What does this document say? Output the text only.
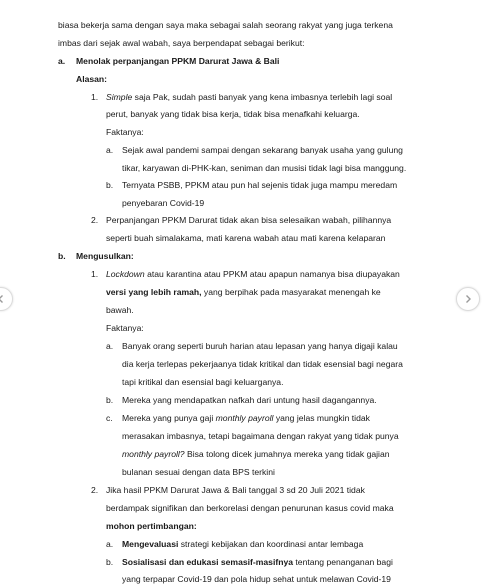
biasa bekerja sama dengan saya maka sebagai salah seorang rakyat yang juga terkena
imbas dari sejak awal wabah, saya berpendapat sebagai berikut:
a. Menolak perpanjangan PPKM Darurat Jawa & Bali
Alasan:
1. Simple saja Pak, sudah pasti banyak yang kena imbasnya terlebih lagi soal
perut, banyak yang tidak bisa kerja, tidak bisa menafkahi keluarga.
Faktanya:
a. Sejak awal pandemi sampai dengan sekarang banyak usaha yang gulung
tikar, karyawan di-PHK-kan, seniman dan musisi tidak lagi bisa manggung.
b. Ternyata PSBB, PPKM atau pun hal sejenis tidak juga mampu meredam
penyebaran Covid-19
2. Perpanjangan PPKM Darurat tidak akan bisa selesaikan wabah, pilihannya
seperti buah simalakama, mati karena wabah atau mati karena kelaparan
b. Mengusulkan:
1. Lockdown atau karantina atau PPKM atau apapun namanya bisa diupayakan
versi yang lebih ramah, yang berpihak pada masyarakat menengah ke
bawah.
Faktanya:
a. Banyak orang seperti buruh harian atau lepasan yang hanya digaji kalau
dia kerja terlepas pekerjaanya tidak kritikal dan tidak esensial bagi negara
tapi kritikal dan esensial bagi keluarganya.
b. Mereka yang mendapatkan nafkah dari untung hasil dagangannya.
c. Mereka yang punya gaji monthly payroll yang jelas mungkin tidak
merasakan imbasnya, tetapi bagaimana dengan rakyat yang tidak punya
monthly payroll? Bisa tolong dicek jumahnya mereka yang tidak gajian
bulanan sesuai dengan data BPS terkini
2. Jika hasil PPKM Darurat Jawa & Bali tanggal 3 sd 20 Juli 2021 tidak
berdampak signifikan dan berkorelasi dengan penurunan kasus covid maka
mohon pertimbangan:
a. Mengevaluasi strategi kebijakan dan koordinasi antar lembaga
b. Sosialisasi dan edukasi semasif-masifnya tentang penanganan bagi
yang terpapar Covid-19 dan pola hidup sehat untuk melawan Covid-19
